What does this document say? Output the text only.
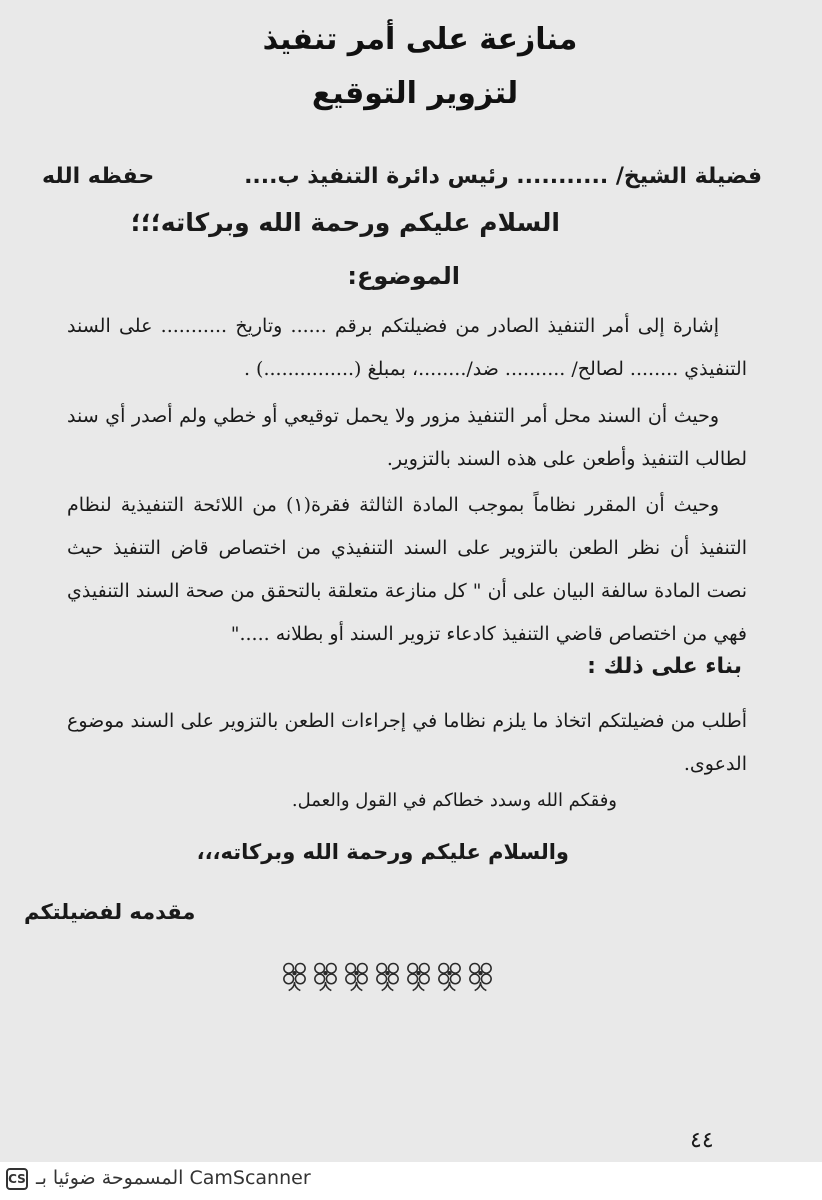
منازعة على أمر تنفيذ
لتزوير التوقيع
فضيلة الشيخ/ ........... رئيس دائرة التنفيذ ب....
حفظه الله
السلام عليكم ورحمة الله وبركاته؛؛؛
الموضوع:
إشارة إلى أمر التنفيذ الصادر من فضيلتكم برقم ...... وتاريخ ........... على السند التنفيذي ........ لصالح/ .......... ضد/........، بمبلغ (...............) .
وحيث أن السند محل أمر التنفيذ مزور ولا يحمل توقيعي أو خطي ولم أصدر أي سند لطالب التنفيذ وأطعن على هذه السند بالتزوير.
وحيث أن المقرر نظاماً بموجب المادة الثالثة فقرة(١) من اللائحة التنفيذية لنظام التنفيذ أن نظر الطعن بالتزوير على السند التنفيذي من اختصاص قاض التنفيذ حيث نصت المادة سالفة البيان على أن " كل منازعة متعلقة بالتحقق من صحة السند التنفيذي فهي من اختصاص قاضي التنفيذ كادعاء تزوير السند أو بطلانه ....."
بناء على ذلك :
أطلب من فضيلتكم اتخاذ ما يلزم نظاما في إجراءات الطعن بالتزوير على السند موضوع الدعوى.
وفقكم الله وسدد خطاكم في القول والعمل.
والسلام عليكم ورحمة الله وبركاته،،،
مقدمه لفضيلتكم
٤٤
CS المسموحة ضوئيا بـ CamScanner
